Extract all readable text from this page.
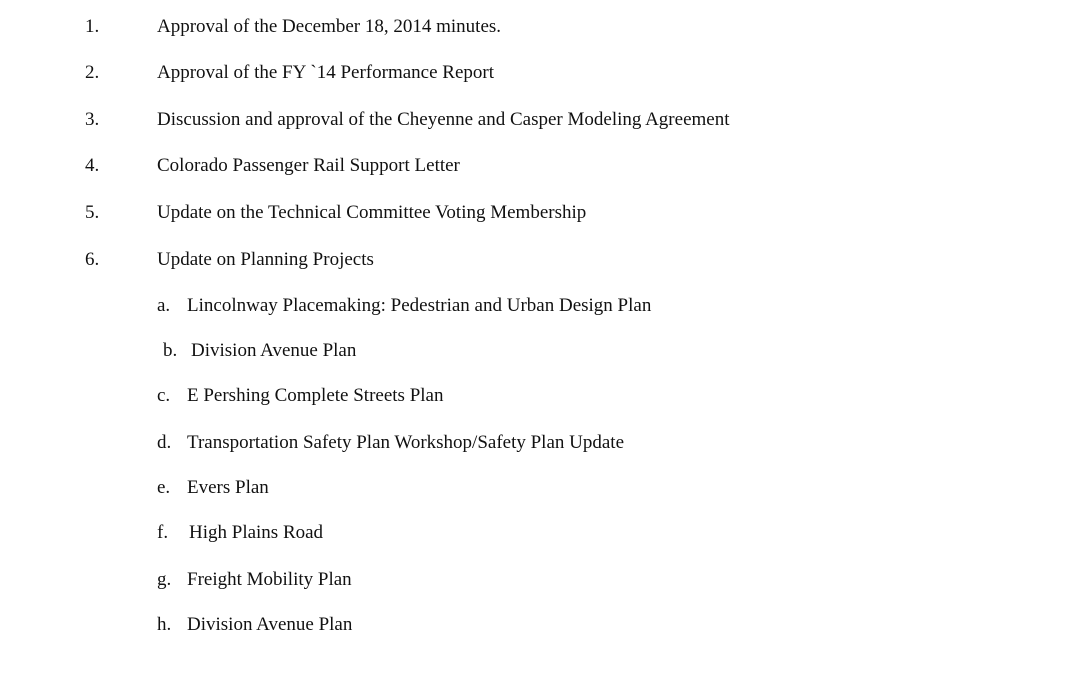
1.	Approval of the December 18, 2014 minutes.
2.	Approval of the FY `14 Performance Report
3.	Discussion and approval of the Cheyenne and Casper Modeling Agreement
4.	Colorado Passenger Rail Support Letter
5.	Update on the Technical Committee Voting Membership
6.	Update on Planning Projects
a. Lincolnway Placemaking: Pedestrian and Urban Design Plan
b. Division Avenue Plan
c. E Pershing Complete Streets Plan
d. Transportation Safety Plan Workshop/Safety Plan Update
e. Evers Plan
f. High Plains Road
g. Freight Mobility Plan
h. Division Avenue Plan
